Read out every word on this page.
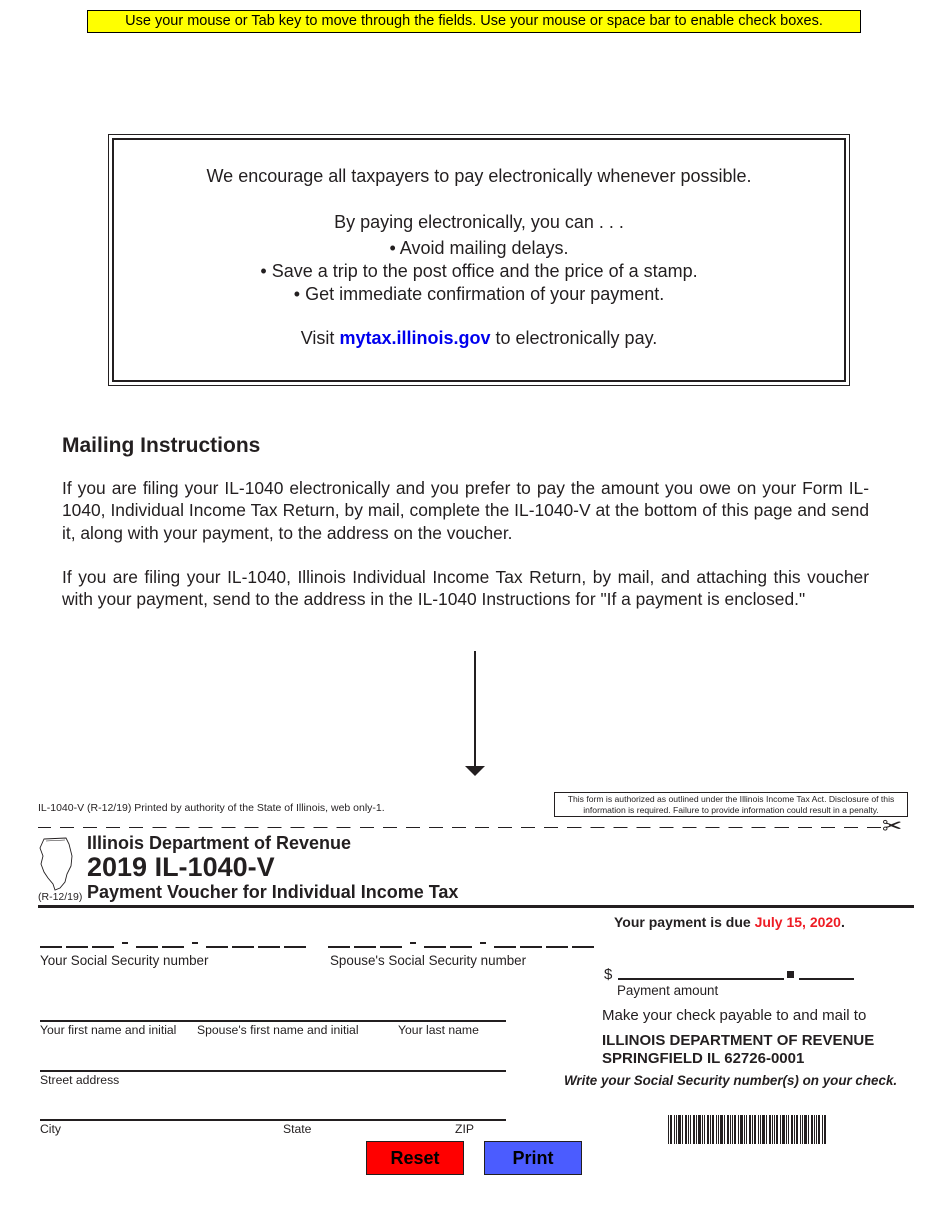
Use your mouse or Tab key to move through the fields. Use your mouse or space bar to enable check boxes.
We encourage all taxpayers to pay electronically whenever possible.
By paying electronically, you can . . .
• Avoid mailing delays.
• Save a trip to the post office and the price of a stamp.
• Get immediate confirmation of your payment.
Visit mytax.illinois.gov to electronically pay.
Mailing Instructions
If you are filing your IL-1040 electronically and you prefer to pay the amount you owe on your Form IL-1040, Individual Income Tax Return, by mail, complete the IL-1040-V at the bottom of this page and send it, along with your payment, to the address on the voucher.
If you are filing your IL-1040, Illinois Individual Income Tax Return, by mail, and attaching this voucher with your payment, send to the address in the IL-1040 Instructions for "If a payment is enclosed."
IL-1040-V (R-12/19) Printed by authority of the State of Illinois, web only-1.
This form is authorized as outlined under the Illinois Income Tax Act. Disclosure of this information is required. Failure to provide information could result in a penalty.
✂
Illinois Department of Revenue
2019 IL-1040-V
Payment Voucher for Individual Income Tax
(R-12/19)
Your payment is due July 15, 2020.
Your Social Security number	Spouse's Social Security number
$
Payment amount
Your first name and initial Spouse's first name and initial	Your last name
Street address
City	State	ZIP
Make your check payable to and mail to
ILLINOIS DEPARTMENT OF REVENUE
SPRINGFIELD IL 62726-0001
Write your Social Security number(s) on your check.
Reset	Print
